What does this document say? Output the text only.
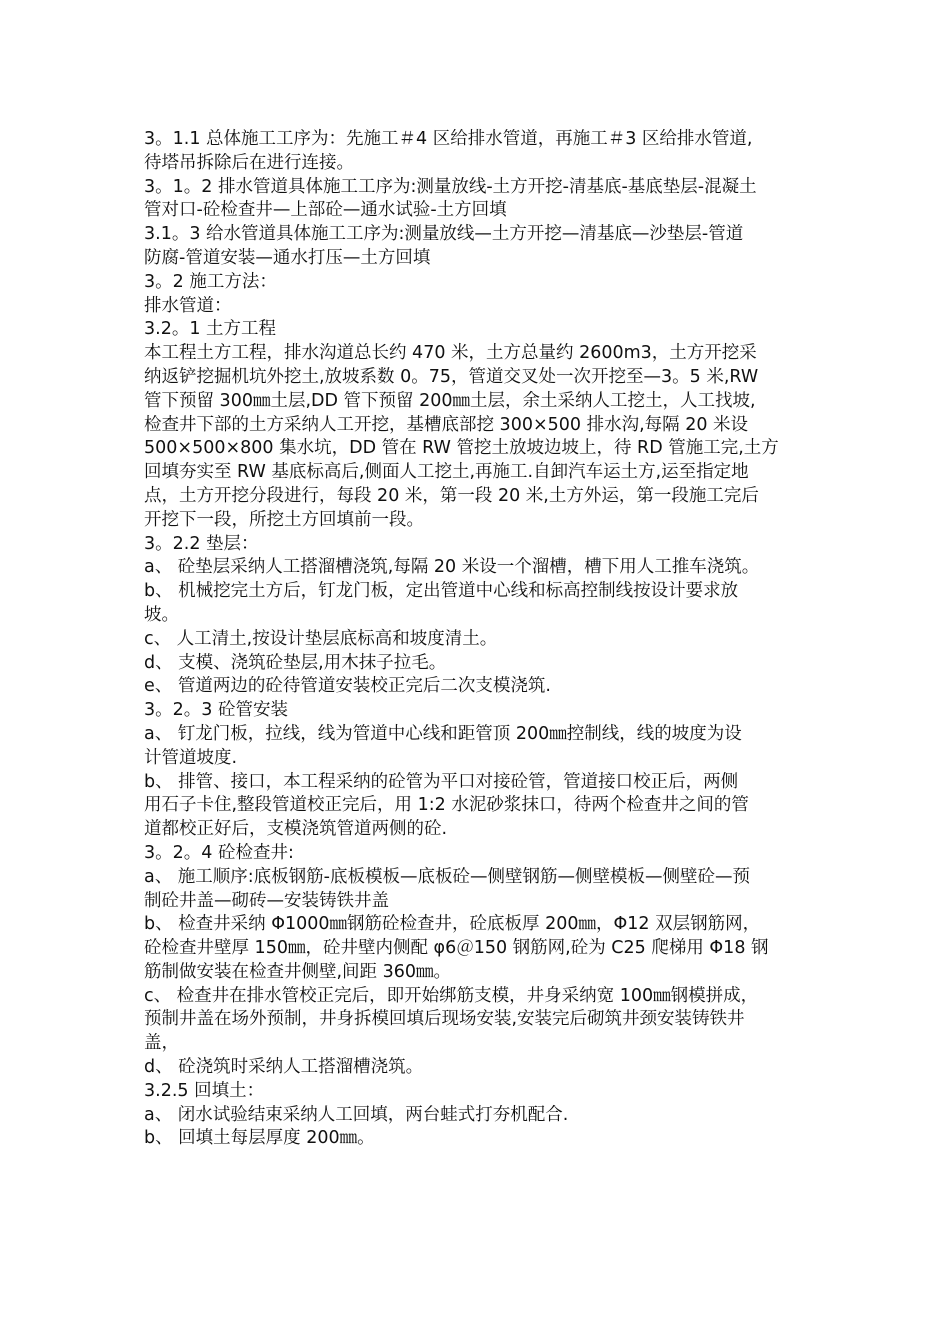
3。1.1 总体施工工序为：先施工＃4 区给排水管道，再施工＃3 区给排水管道,
待塔吊拆除后在进行连接。
3。1。2 排水管道具体施工工序为:测量放线-土方开挖-清基底-基底垫层-混凝土
管对口-砼检查井—上部砼—通水试验-土方回填
3.1。3 给水管道具体施工工序为:测量放线—土方开挖—清基底—沙垫层-管道
防腐-管道安装—通水打压—土方回填
3。2 施工方法：
排水管道：
3.2。1 土方工程
本工程土方工程，排水沟道总长约 470 米，土方总量约 2600m3，土方开挖采
纳返铲挖掘机坑外挖土,放坡系数 0。75，管道交叉处一次开挖至—3。5 米,RW
管下预留 300㎜土层,DD 管下预留 200㎜土层，余土采纳人工挖土，人工找坡,
检查井下部的土方采纳人工开挖，基槽底部挖 300×500 排水沟,每隔 20 米设
500×500×800 集水坑，DD 管在 RW 管挖土放坡边坡上，待 RD 管施工完,土方
回填夯实至 RW 基底标高后,侧面人工挖土,再施工.自卸汽车运土方,运至指定地
点，土方开挖分段进行，每段 20 米，第一段 20 米,土方外运，第一段施工完后
开挖下一段，所挖土方回填前一段。
3。2.2 垫层：
a、 砼垫层采纳人工搭溜槽浇筑,每隔 20 米设一个溜槽，槽下用人工推车浇筑。
b、 机械挖完土方后，钉龙门板，定出管道中心线和标高控制线按设计要求放
坡。
c、 人工清土,按设计垫层底标高和坡度清土。
d、 支模、浇筑砼垫层,用木抹子拉毛。
e、 管道两边的砼待管道安装校正完后二次支模浇筑.
3。2。3 砼管安装
a、 钉龙门板，拉线，线为管道中心线和距管顶 200㎜控制线，线的坡度为设
计管道坡度.
b、 排管、接口，本工程采纳的砼管为平口对接砼管，管道接口校正后，两侧
用石子卡住,整段管道校正完后，用 1:2 水泥砂浆抹口，待两个检查井之间的管
道都校正好后，支模浇筑管道两侧的砼.
3。2。4 砼检查井:
a、 施工顺序:底板钢筋-底板模板—底板砼—侧壁钢筋—侧壁模板—侧壁砼—预
制砼井盖—砌砖—安装铸铁井盖
b、 检查井采纳 Φ1000㎜钢筋砼检查井，砼底板厚 200㎜，Φ12 双层钢筋网，
砼检查井壁厚 150㎜，砼井壁内侧配 φ6＠150 钢筋网,砼为 C25 爬梯用 Φ18 钢
筋制做安装在检查井侧壁,间距 360㎜。
c、 检查井在排水管校正完后，即开始绑筋支模，井身采纳宽 100㎜钢模拼成，
预制井盖在场外预制，井身拆模回填后现场安装,安装完后砌筑井颈安装铸铁井
盖，
d、 砼浇筑时采纳人工搭溜槽浇筑。
3.2.5 回填土：
a、 闭水试验结束采纳人工回填，两台蛙式打夯机配合.
b、 回填土每层厚度 200㎜。
